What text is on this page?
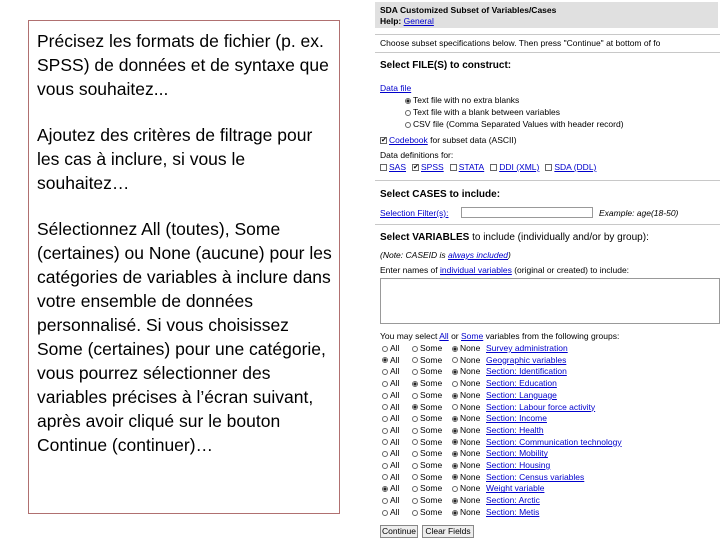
Précisez les formats de fichier (p. ex. SPSS) de données et de syntaxe que vous souhaitez...

Ajoutez des critères de filtrage pour les cas à inclure, si vous le souhaitez…

Sélectionnez All (toutes), Some (certaines) ou None (aucune) pour les catégories de variables à inclure dans votre ensemble de données personnalisé. Si vous choisissez Some (certaines) pour une catégorie, vous pourrez sélectionner des variables précises à l’écran suivant, après avoir cliqué sur le bouton Continue (continuer)…

SDA Customized Subset of Variables/Cases
Help: General
Choose subset specifications below. Then press "Continue" at bottom of fo
Select FILE(S) to construct:
Data file
Text file with no extra blanks
Text file with a blank between variables
CSV file (Comma Separated Values with header record)
✔ Codebook for subset data (ASCII)
Data definitions for:
SAS ✔ SPSS STATA DDI (XML) SDA (DDL)
Select CASES to include:
Selection Filter(s):	Example: age(18-50)
Select VARIABLES to include (individually and/or by group):
(Note: CASEID is always included)
Enter names of individual variables (original or created) to include:
You may select All or Some variables from the following groups:
All Some None Survey administration
All Some None Geographic variables
All Some None Section: Identification
All Some None Section: Education
All Some None Section: Language
All Some None Section: Labour force activity
All Some None Section: Income
All Some None Section: Health
All Some None Section: Communication technology
All Some None Section: Mobility
All Some None Section: Housing
All Some None Section: Census variables
All Some None Weight variable
All Some None Section: Arctic
All Some None Section: Metis
Continue	Clear Fields
